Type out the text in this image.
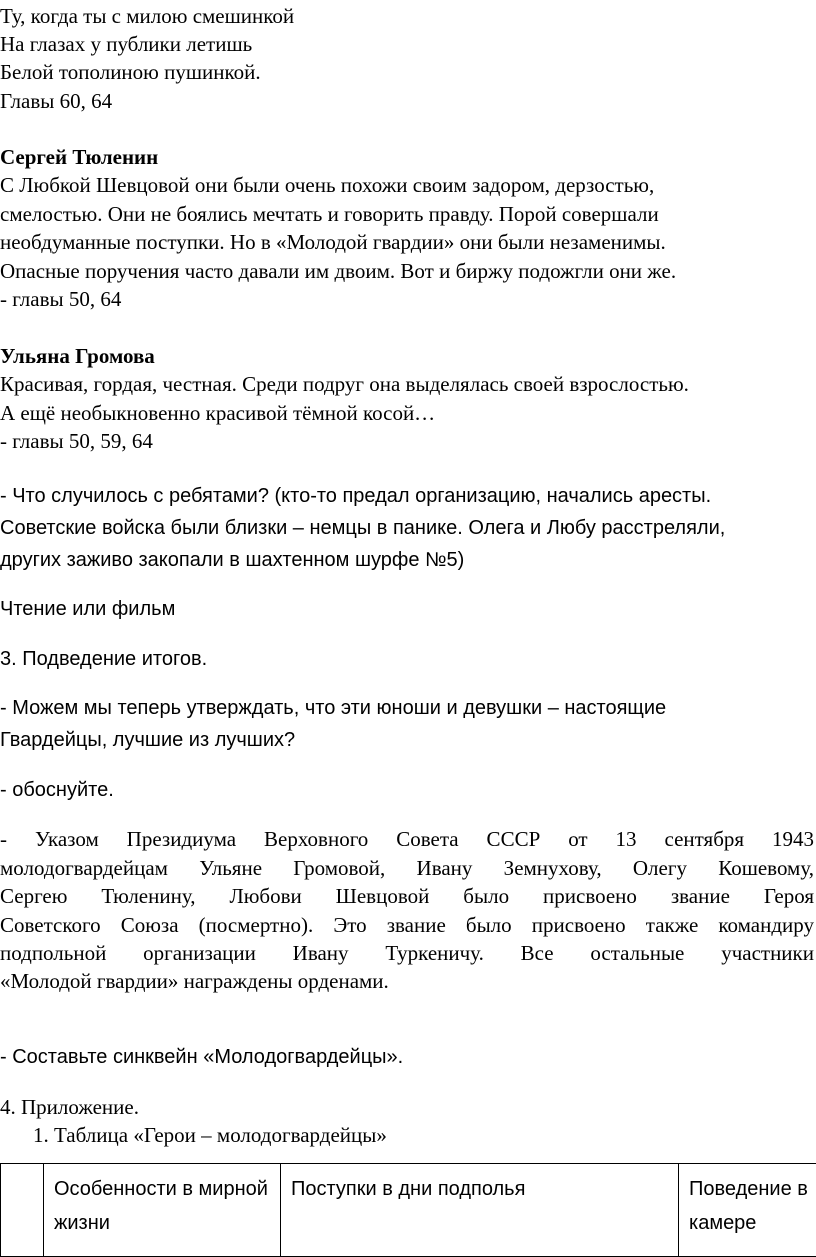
Ту, когда ты с милою смешинкой
На глазах у публики летишь
Белой тополиною пушинкой.
Главы 60, 64
Сергей Тюленин
С Любкой Шевцовой они были очень похожи своим задором, дерзостью,
смелостью. Они не боялись мечтать и говорить правду. Порой совершали
необдуманные поступки. Но в «Молодой гвардии» они были незаменимы.
Опасные поручения часто давали им двоим. Вот и биржу подожгли они же.
- главы 50, 64
Ульяна Громова
Красивая, гордая, честная. Среди подруг она выделялась своей взрослостью.
А ещё необыкновенно красивой тёмной косой…
- главы 50, 59, 64
- Что случилось с ребятами? (кто-то предал организацию, начались аресты.
Советские войска были близки – немцы в панике. Олега и Любу расстреляли,
других заживо закопали в шахтенном шурфе №5)
Чтение или фильм
3. Подведение итогов.
- Можем мы теперь утверждать, что эти юноши и девушки – настоящие
Гвардейцы, лучшие из лучших?
- обоснуйте.
- Указом Президиума Верховного Совета СССР от 13 сентября 1943
молодогвардейцам Ульяне Громовой, Ивану Земнухову, Олегу Кошевому,
Сергею Тюленину, Любови Шевцовой было присвоено звание Героя
Советского Союза (посмертно). Это звание было присвоено также командиру
подпольной организации Ивану Туркеничу. Все остальные участники
«Молодой гвардии» награждены орденами.
- Составьте синквейн «Молодогвардейцы».
4. Приложение.
1. Таблица «Герои – молодогвардейцы»
	Особенности в мирной жизни	Поступки в дни подполья	Поведение в камере
